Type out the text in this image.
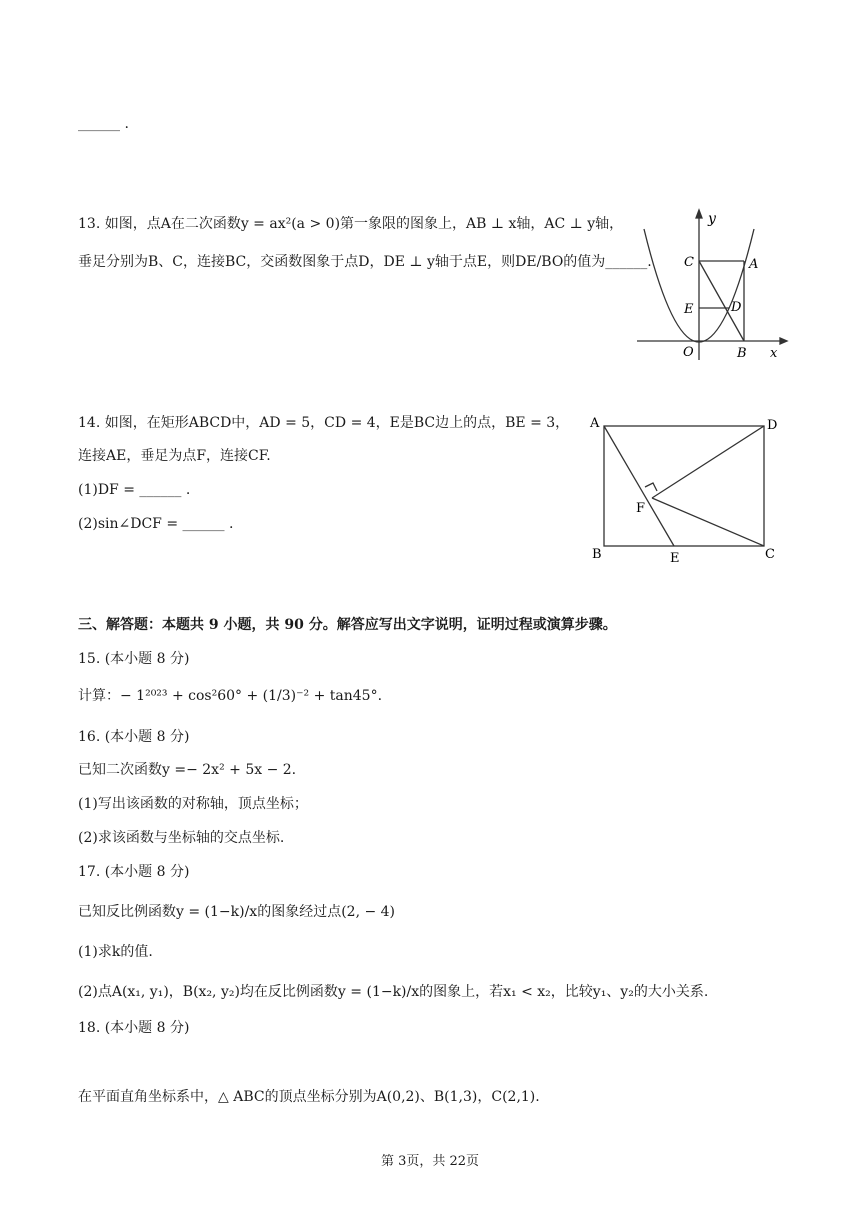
______ .
13. 如图，点A在二次函数y = ax²(a > 0)第一象限的图象上，AB ⊥ x轴，AC ⊥ y轴，
垂足分别为B、C，连接BC，交函数图象于点D，DE ⊥ y轴于点E，则DE/BO的值为______.
y
x
C	A
E	D
O	B
14. 如图，在矩形ABCD中，AD = 5，CD = 4，E是BC边上的点，BE = 3，
连接AE，垂足为点F，连接CF.
(1)DF = ______ .
(2)sin∠DCF = ______ .
A	D
F
B	E	C
三、解答题：本题共 9 小题，共 90 分。解答应写出文字说明，证明过程或演算步骤。
15. (本小题 8 分)
计算：− 1²⁰²³ + cos²60° + (1/3)⁻² + tan45°.
16. (本小题 8 分)
已知二次函数y =− 2x² + 5x − 2.
(1)写出该函数的对称轴，顶点坐标；
(2)求该函数与坐标轴的交点坐标.
17. (本小题 8 分)
已知反比例函数y = (1−k)/x的图象经过点(2, − 4)
(1)求k的值.
(2)点A(x₁, y₁)，B(x₂, y₂)均在反比例函数y = (1−k)/x的图象上，若x₁ < x₂，比较y₁、y₂的大小关系.
18. (本小题 8 分)
在平面直角坐标系中，△ ABC的顶点坐标分别为A(0,2)、B(1,3)，C(2,1).
第 3页，共 22页
